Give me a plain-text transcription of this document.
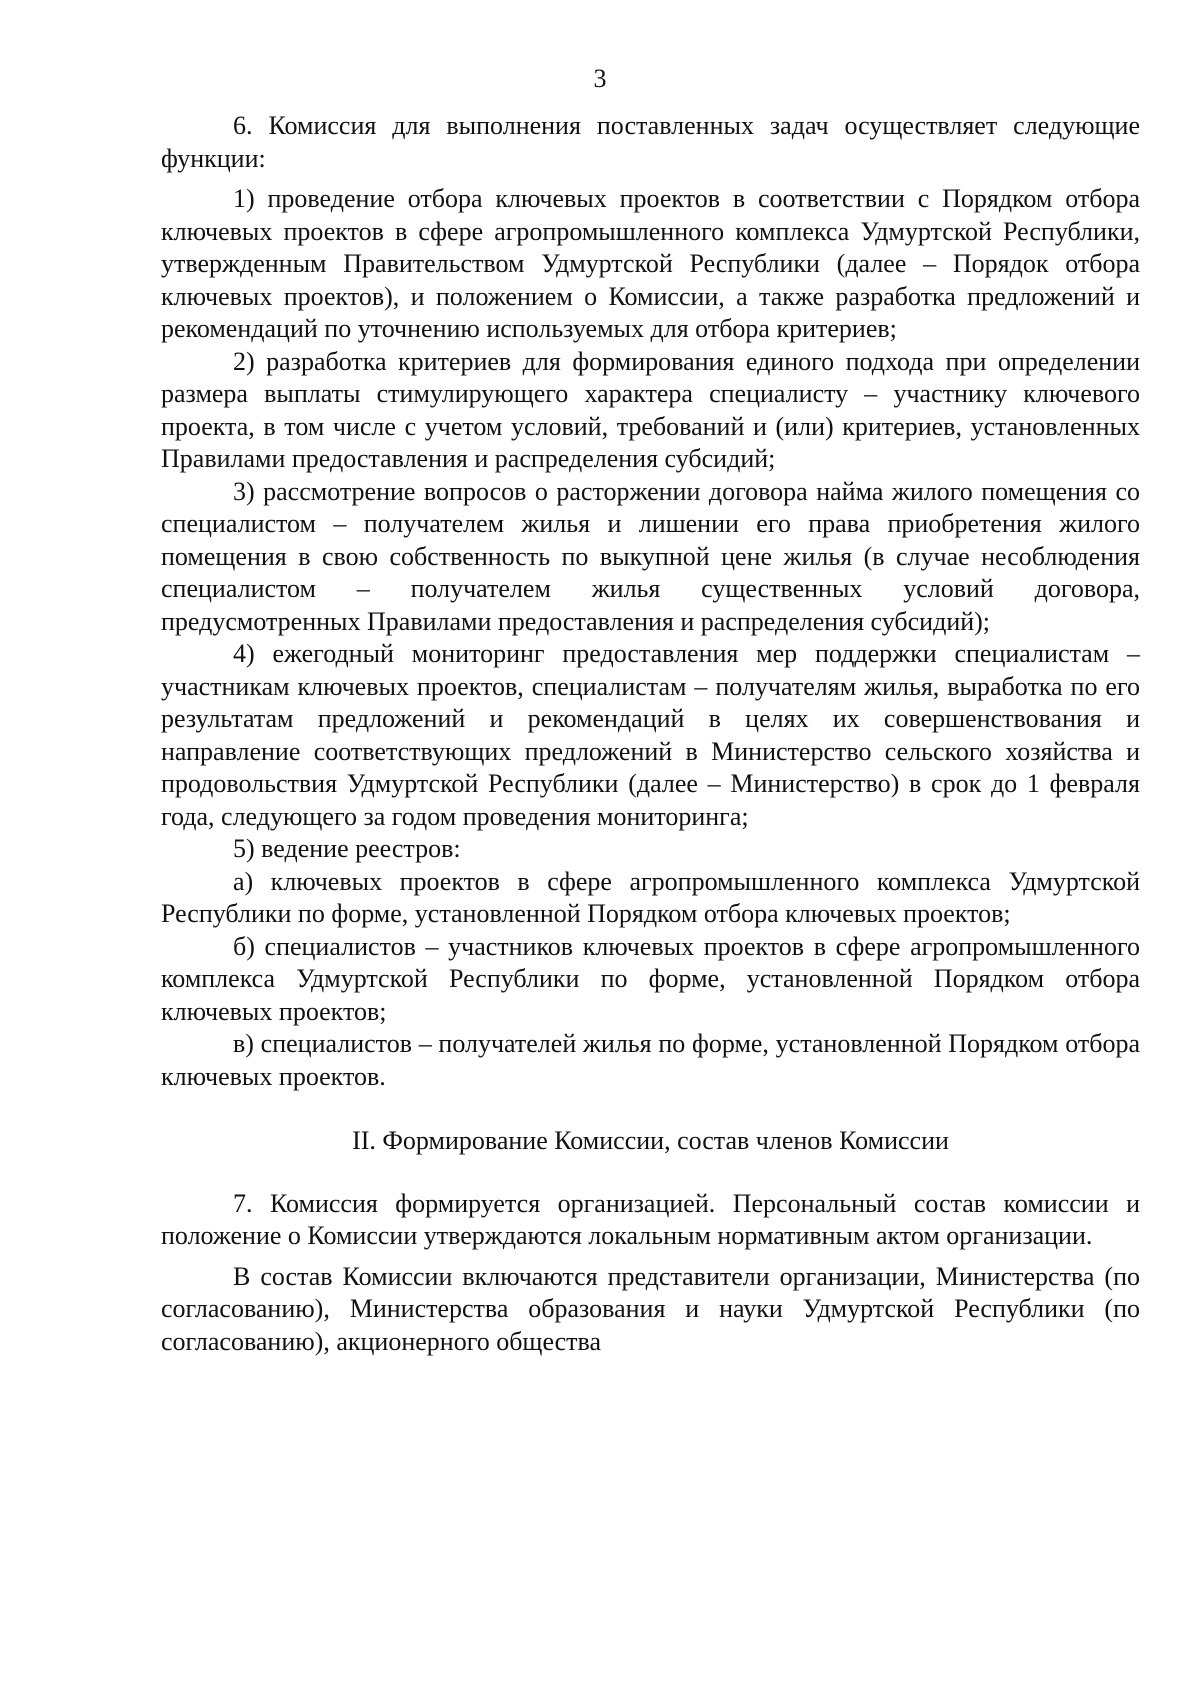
3

6. Комиссия для выполнения поставленных задач осуществляет следующие функции:

1) проведение отбора ключевых проектов в соответствии с Порядком отбора ключевых проектов в сфере агропромышленного комплекса Удмуртской Республики, утвержденным Правительством Удмуртской Республики (далее – Порядок отбора ключевых проектов), и положением о Комиссии, а также разработка предложений и рекомендаций по уточнению используемых для отбора критериев;

2) разработка критериев для формирования единого подхода при определении размера выплаты стимулирующего характера специалисту – участнику ключевого проекта, в том числе с учетом условий, требований и (или) критериев, установленных Правилами предоставления и распределения субсидий;

3) рассмотрение вопросов о расторжении договора найма жилого помещения со специалистом – получателем жилья и лишении его права приобретения жилого помещения в свою собственность по выкупной цене жилья (в случае несоблюдения специалистом – получателем жилья существенных условий договора, предусмотренных Правилами предоставления и распределения субсидий);

4) ежегодный мониторинг предоставления мер поддержки специалистам – участникам ключевых проектов, специалистам – получателям жилья, выработка по его результатам предложений и рекомендаций в целях их совершенствования и направление соответствующих предложений в Министерство сельского хозяйства и продовольствия Удмуртской Республики (далее – Министерство) в срок до 1 февраля года, следующего за годом проведения мониторинга;

5) ведение реестров:

а) ключевых проектов в сфере агропромышленного комплекса Удмуртской Республики по форме, установленной Порядком отбора ключевых проектов;

б) специалистов – участников ключевых проектов в сфере агропромышленного комплекса Удмуртской Республики по форме, установленной Порядком отбора ключевых проектов;

в) специалистов – получателей жилья по форме, установленной Порядком отбора ключевых проектов.

II. Формирование Комиссии, состав членов Комиссии

7. Комиссия формируется организацией. Персональный состав комиссии и положение о Комиссии утверждаются локальным нормативным актом организации.

В состав Комиссии включаются представители организации, Министерства (по согласованию), Министерства образования и науки Удмуртской Республики (по согласованию), акционерного общества
